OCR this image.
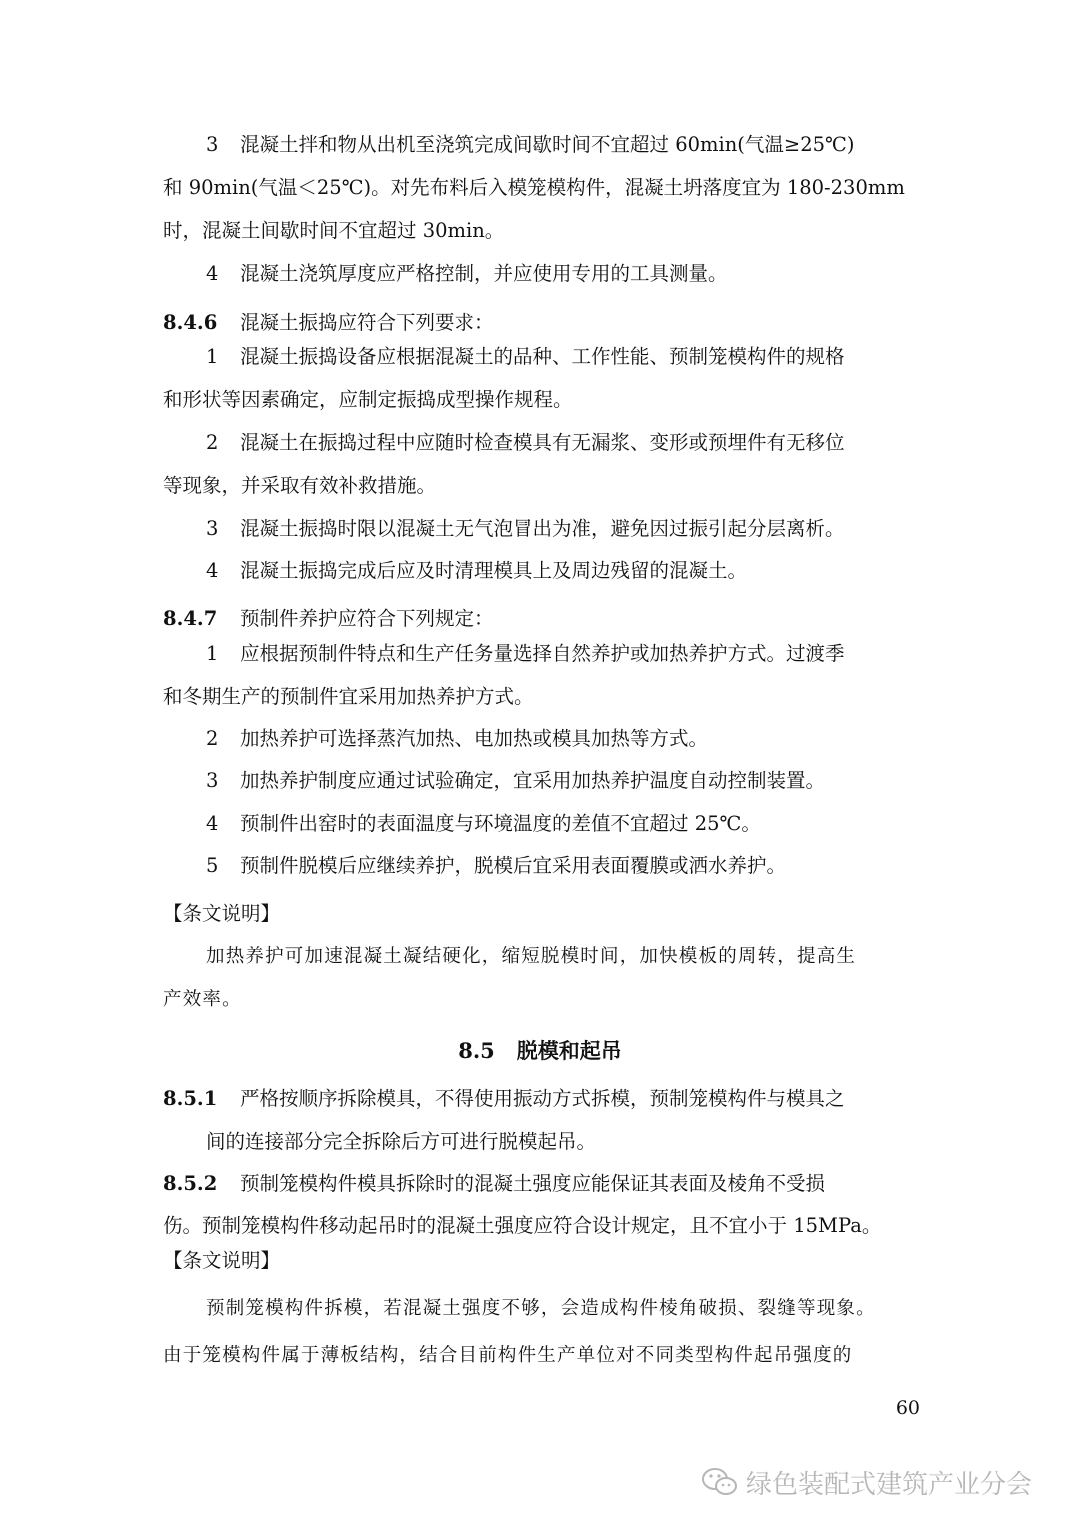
3 混凝土拌和物从出机至浇筑完成间歇时间不宜超过 60min(气温≥25℃)
和 90min(气温＜25℃)。对先布料后入模笼模构件，混凝土坍落度宜为 180-230mm
时，混凝土间歇时间不宜超过 30min。
4 混凝土浇筑厚度应严格控制，并应使用专用的工具测量。
8.4.6 混凝土振捣应符合下列要求：
1 混凝土振捣设备应根据混凝土的品种、工作性能、预制笼模构件的规格
和形状等因素确定，应制定振捣成型操作规程。
2 混凝土在振捣过程中应随时检查模具有无漏浆、变形或预埋件有无移位
等现象，并采取有效补救措施。
3 混凝土振捣时限以混凝土无气泡冒出为准，避免因过振引起分层离析。
4 混凝土振捣完成后应及时清理模具上及周边残留的混凝土。
8.4.7 预制件养护应符合下列规定：
1 应根据预制件特点和生产任务量选择自然养护或加热养护方式。过渡季
和冬期生产的预制件宜采用加热养护方式。
2 加热养护可选择蒸汽加热、电加热或模具加热等方式。
3 加热养护制度应通过试验确定，宜采用加热养护温度自动控制装置。
4 预制件出窑时的表面温度与环境温度的差值不宜超过 25℃。
5 预制件脱模后应继续养护，脱模后宜采用表面覆膜或洒水养护。
【条文说明】
加热养护可加速混凝土凝结硬化，缩短脱模时间，加快模板的周转，提高生
产效率。
8.5 脱模和起吊
8.5.1 严格按顺序拆除模具，不得使用振动方式拆模，预制笼模构件与模具之
间的连接部分完全拆除后方可进行脱模起吊。
8.5.2 预制笼模构件模具拆除时的混凝土强度应能保证其表面及棱角不受损
伤。预制笼模构件移动起吊时的混凝土强度应符合设计规定，且不宜小于 15MPa。
【条文说明】
预制笼模构件拆模，若混凝土强度不够，会造成构件棱角破损、裂缝等现象。
由于笼模构件属于薄板结构，结合目前构件生产单位对不同类型构件起吊强度的
60
绿色装配式建筑产业分会
